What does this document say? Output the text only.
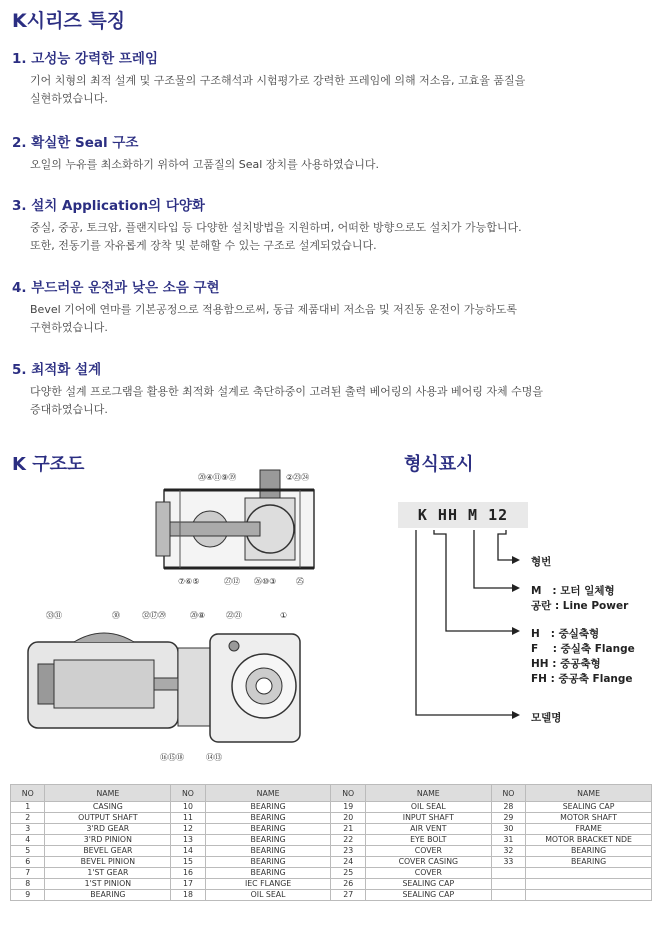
K시리즈 특징
1. 고성능 강력한 프레임

기어 치형의 최적 설계 및 구조물의 구조해석과 시험평가로 강력한 프레임에 의해 저소음, 고효율 품질을
실현하였습니다.

2. 확실한 Seal 구조

오일의 누유를 최소화하기 위하여 고품질의 Seal 장치를 사용하였습니다.

3. 설치 Application의 다양화

중실, 중공, 토크암, 플랜지타입 등 다양한 설치방법을 지원하며, 어떠한 방향으로도 설치가 가능합니다.
또한, 전동기를 자유롭게 장착 및 분해할 수 있는 구조로 설계되었습니다.

4. 부드러운 운전과 낮은 소음 구현

Bevel 기어에 연마를 기본공정으로 적용함으로써, 동급 제품대비 저소음 및 저진동 운전이 가능하도록
구현하였습니다.

5. 최적화 설계

다양한 설계 프로그램을 활용한 최적화 설계로 축단하중이 고려된 출력 베어링의 사용과 베어링 자체 수명을
증대하였습니다.

K 구조도	형식표시
⑳④⑪⑨⑲	②㉓㉔
⑦⑥⑤	㉗⑫ ㉖⑩③ ㉕
㉝㉛	㉚	㉜⑰㉙	⑳⑧	㉒㉑	①
⑯⑮⑱	⑭⑬
K HH M 12
형번
M   : 모터 일체형
공란 : Line Power
H   : 중실축형
F    : 중실축 Flange
HH : 중공축형
FH : 중공축 Flange
모델명
NO	NAME	NO	NAME	NO	NAME	NO	NAME
1	CASING	10	BEARING	19	OIL SEAL	28	SEALING CAP
2	OUTPUT SHAFT	11	BEARING	20	INPUT SHAFT	29	MOTOR SHAFT
3	3'RD GEAR	12	BEARING	21	AIR VENT	30	FRAME
4	3'RD PINION	13	BEARING	22	EYE BOLT	31	MOTOR BRACKET NDE
5	BEVEL GEAR	14	BEARING	23	COVER	32	BEARING
6	BEVEL PINION	15	BEARING	24	COVER CASING	33	BEARING
7	1'ST GEAR	16	BEARING	25	COVER		
8	1'ST PINION	17	IEC FLANGE	26	SEALING CAP		
9	BEARING	18	OIL SEAL	27	SEALING CAP		
